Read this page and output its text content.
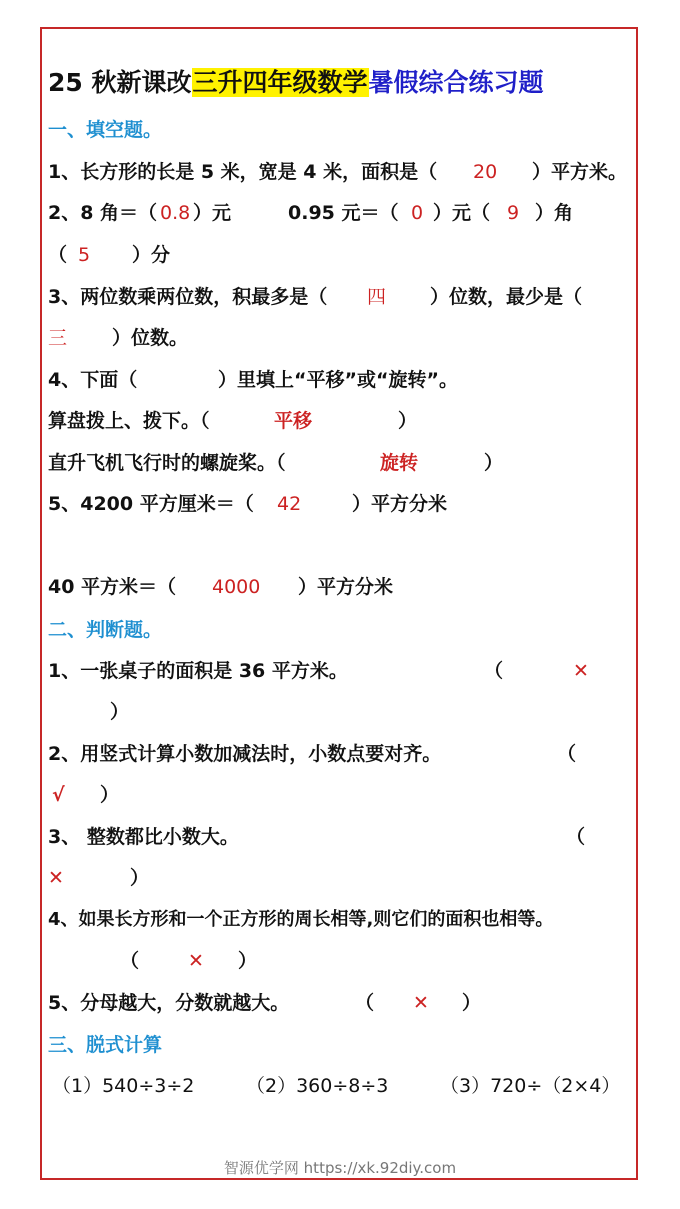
25 秋新课改三升四年级数学暑假综合练习题
一、填空题。
1、长方形的长是 5 米，宽是 4 米，面积是（ 20 ）平方米。
2、8 角＝（ 0.8 ）元	0.95 元＝（ 0 ）元（ 9 ）角
（ 5 ）分
3、两位数乘两位数，积最多是（ 四 ）位数，最少是（
三 ）位数。
4、下面（	）里填上“平移”或“旋转”。
算盘拨上、拨下。（	平移	）
直升飞机飞行时的螺旋桨。（	旋转	）
5、4200 平方厘米＝（ 42	）平方分米
40 平方米＝（ 4000 ）平方分米
二、判断题。
1、一张桌子的面积是 36 平方米。	（	✕
）
2、用竖式计算小数加减法时，小数点要对齐。	（
√ ）
3、 整数都比小数大。	（
✕	）
4、如果长方形和一个正方形的周长相等,则它们的面积也相等。
（	✕ ）
5、分母越大，分数就越大。	（ ✕ ）
三、脱式计算
（1）540÷3÷2	（2）360÷8÷3	（3）720÷（2×4）
智源优学网 https://xk.92diy.com
